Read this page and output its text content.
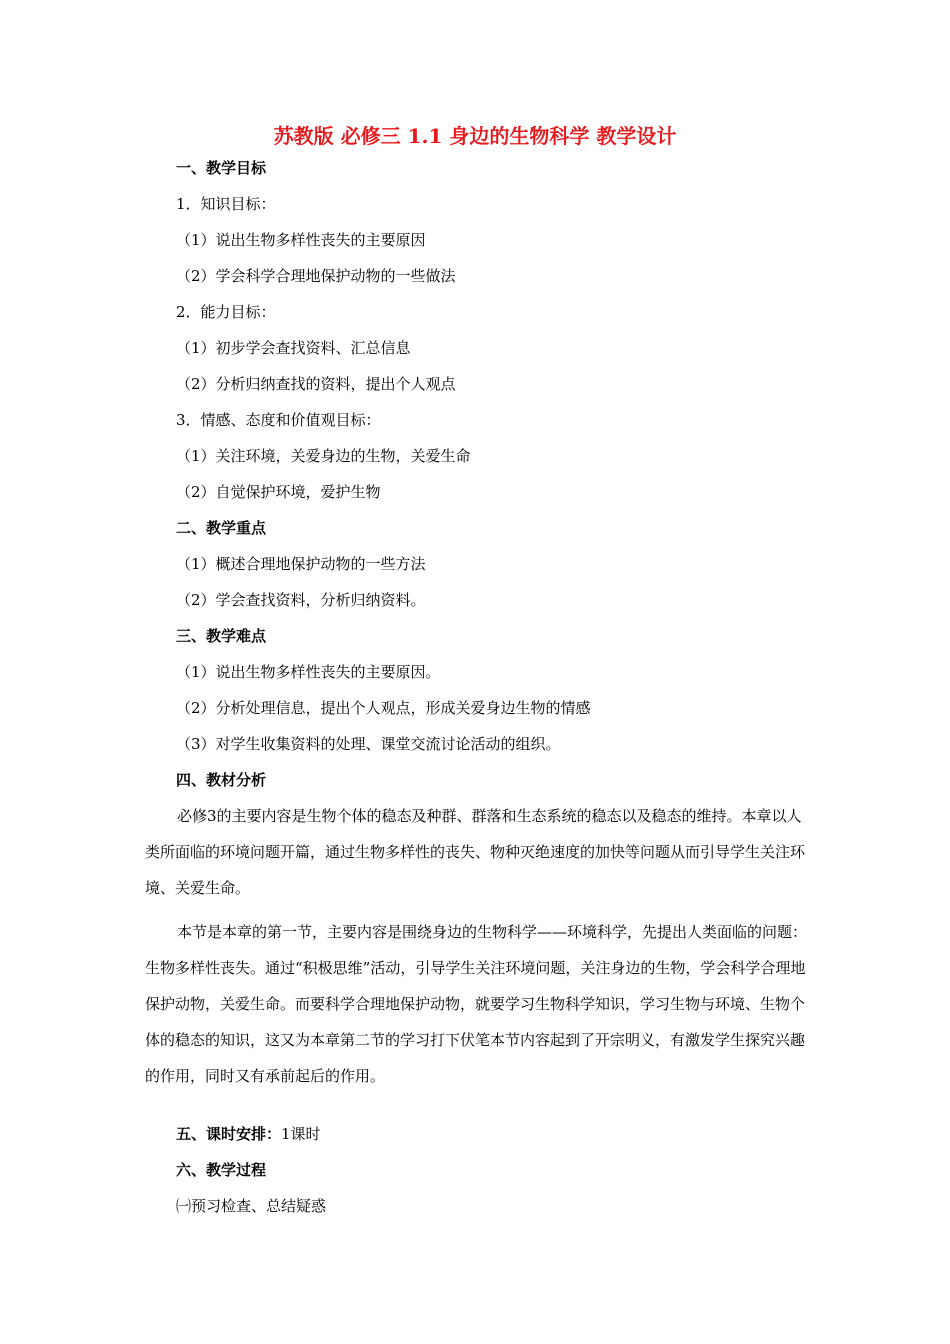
苏教版 必修三 1.1 身边的生物科学 教学设计
一、教学目标
1．知识目标：
（1）说出生物多样性丧失的主要原因
（2）学会科学合理地保护动物的一些做法
2．能力目标：
（1）初步学会查找资料、汇总信息
（2）分析归纳查找的资料，提出个人观点
3．情感、态度和价值观目标：
（1）关注环境，关爱身边的生物，关爱生命
（2）自觉保护环境，爱护生物
二、教学重点
（1）概述合理地保护动物的一些方法
（2）学会查找资料，分析归纳资料。
三、教学难点
（1）说出生物多样性丧失的主要原因。
（2）分析处理信息，提出个人观点，形成关爱身边生物的情感
（3）对学生收集资料的处理、课堂交流讨论活动的组织。
四、教材分析

必修3的主要内容是生物个体的稳态及种群、群落和生态系统的稳态以及稳态的维持。本章以人类所面临的环境问题开篇，通过生物多样性的丧失、物种灭绝速度的加快等问题从而引导学生关注环境、关爱生命。

本节是本章的第一节，主要内容是围绕身边的生物科学——环境科学，先提出人类面临的问题：生物多样性丧失。通过“积极思维”活动，引导学生关注环境问题，关注身边的生物，学会科学合理地保护动物，关爱生命。而要科学合理地保护动物，就要学习生物科学知识，学习生物与环境、生物个体的稳态的知识，这又为本章第二节的学习打下伏笔本节内容起到了开宗明义，有激发学生探究兴趣的作用，同时又有承前起后的作用。

五、课时安排：1课时
六、教学过程
㈠预习检查、总结疑惑
